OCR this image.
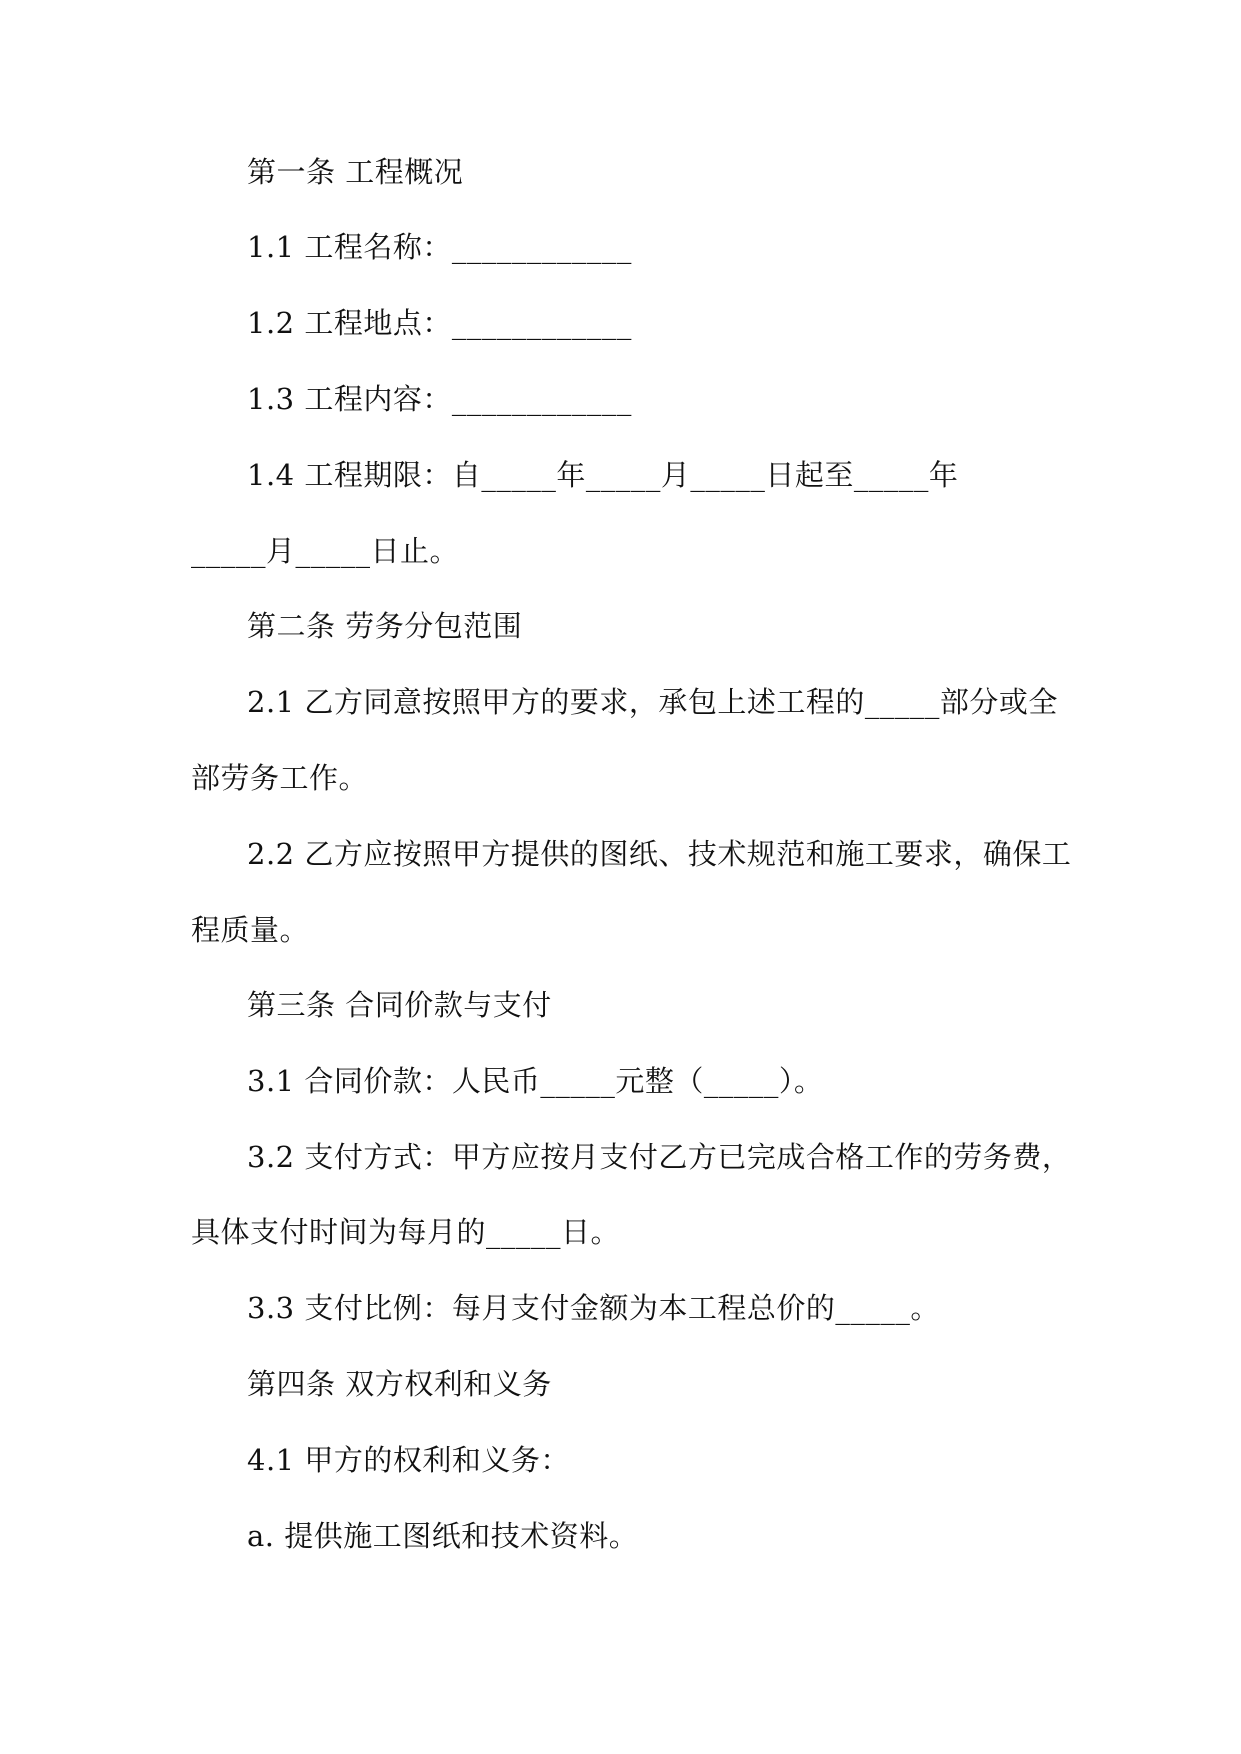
第一条 工程概况
1.1 工程名称：____________
1.2 工程地点：____________
1.3 工程内容：____________
1.4 工程期限：自_____年_____月_____日起至_____年
_____月_____日止。
第二条 劳务分包范围
2.1 乙方同意按照甲方的要求，承包上述工程的_____部分或全
部劳务工作。
2.2 乙方应按照甲方提供的图纸、技术规范和施工要求，确保工
程质量。
第三条 合同价款与支付
3.1 合同价款：人民币_____元整（_____）。
3.2 支付方式：甲方应按月支付乙方已完成合格工作的劳务费，
具体支付时间为每月的_____日。
3.3 支付比例：每月支付金额为本工程总价的_____。
第四条 双方权利和义务
4.1 甲方的权利和义务：
a. 提供施工图纸和技术资料。
